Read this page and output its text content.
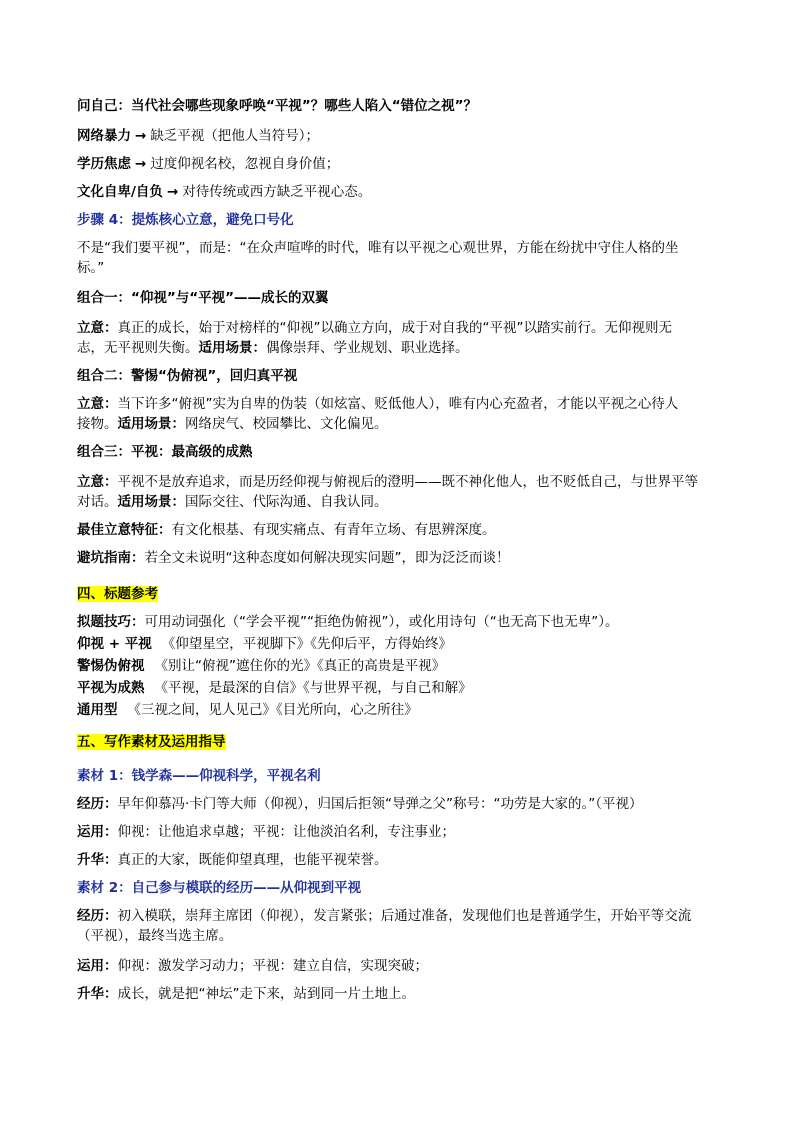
问自己：当代社会哪些现象呼唤“平视”？哪些人陷入“错位之视”？
网络暴力 → 缺乏平视（把他人当符号）；
学历焦虑 → 过度仰视名校，忽视自身价值；
文化自卑/自负 → 对待传统或西方缺乏平视心态。
步骤 4：提炼核心立意，避免口号化
不是“我们要平视”，而是：“在众声喧哗的时代，唯有以平视之心观世界，方能在纷扰中守住人格的坐
标。”
组合一：“仰视”与“平视”——成长的双翼
立意：真正的成长，始于对榜样的“仰视”以确立方向，成于对自我的“平视”以踏实前行。无仰视则无
志，无平视则失衡。适用场景：偶像崇拜、学业规划、职业选择。
组合二：警惕“伪俯视”，回归真平视
立意：当下许多“俯视”实为自卑的伪装（如炫富、贬低他人），唯有内心充盈者，才能以平视之心待人
接物。适用场景：网络戾气、校园攀比、文化偏见。
组合三：平视：最高级的成熟
立意：平视不是放弃追求，而是历经仰视与俯视后的澄明——既不神化他人，也不贬低自己，与世界平等
对话。适用场景：国际交往、代际沟通、自我认同。
最佳立意特征：有文化根基、有现实痛点、有青年立场、有思辨深度。
避坑指南：若全文未说明“这种态度如何解决现实问题”，即为泛泛而谈！
四、标题参考
拟题技巧：可用动词强化（“学会平视”“拒绝伪俯视”），或化用诗句（“也无高下也无卑”）。
仰视 + 平视 《仰望星空，平视脚下》《先仰后平，方得始终》
警惕伪俯视 《别让“俯视”遮住你的光》《真正的高贵是平视》
平视为成熟 《平视，是最深的自信》《与世界平视，与自己和解》
通用型 《三视之间，见人见己》《目光所向，心之所往》
五、写作素材及运用指导
素材 1：钱学森——仰视科学，平视名利
经历：早年仰慕冯·卡门等大师（仰视），归国后拒领“导弹之父”称号：“功劳是大家的。”（平视）
运用：仰视：让他追求卓越；平视：让他淡泊名利，专注事业；
升华：真正的大家，既能仰望真理，也能平视荣誉。
素材 2：自己参与模联的经历——从仰视到平视
经历：初入模联，崇拜主席团（仰视），发言紧张；后通过准备，发现他们也是普通学生，开始平等交流
（平视），最终当选主席。
运用：仰视：激发学习动力；平视：建立自信，实现突破；
升华：成长，就是把“神坛”走下来，站到同一片土地上。
